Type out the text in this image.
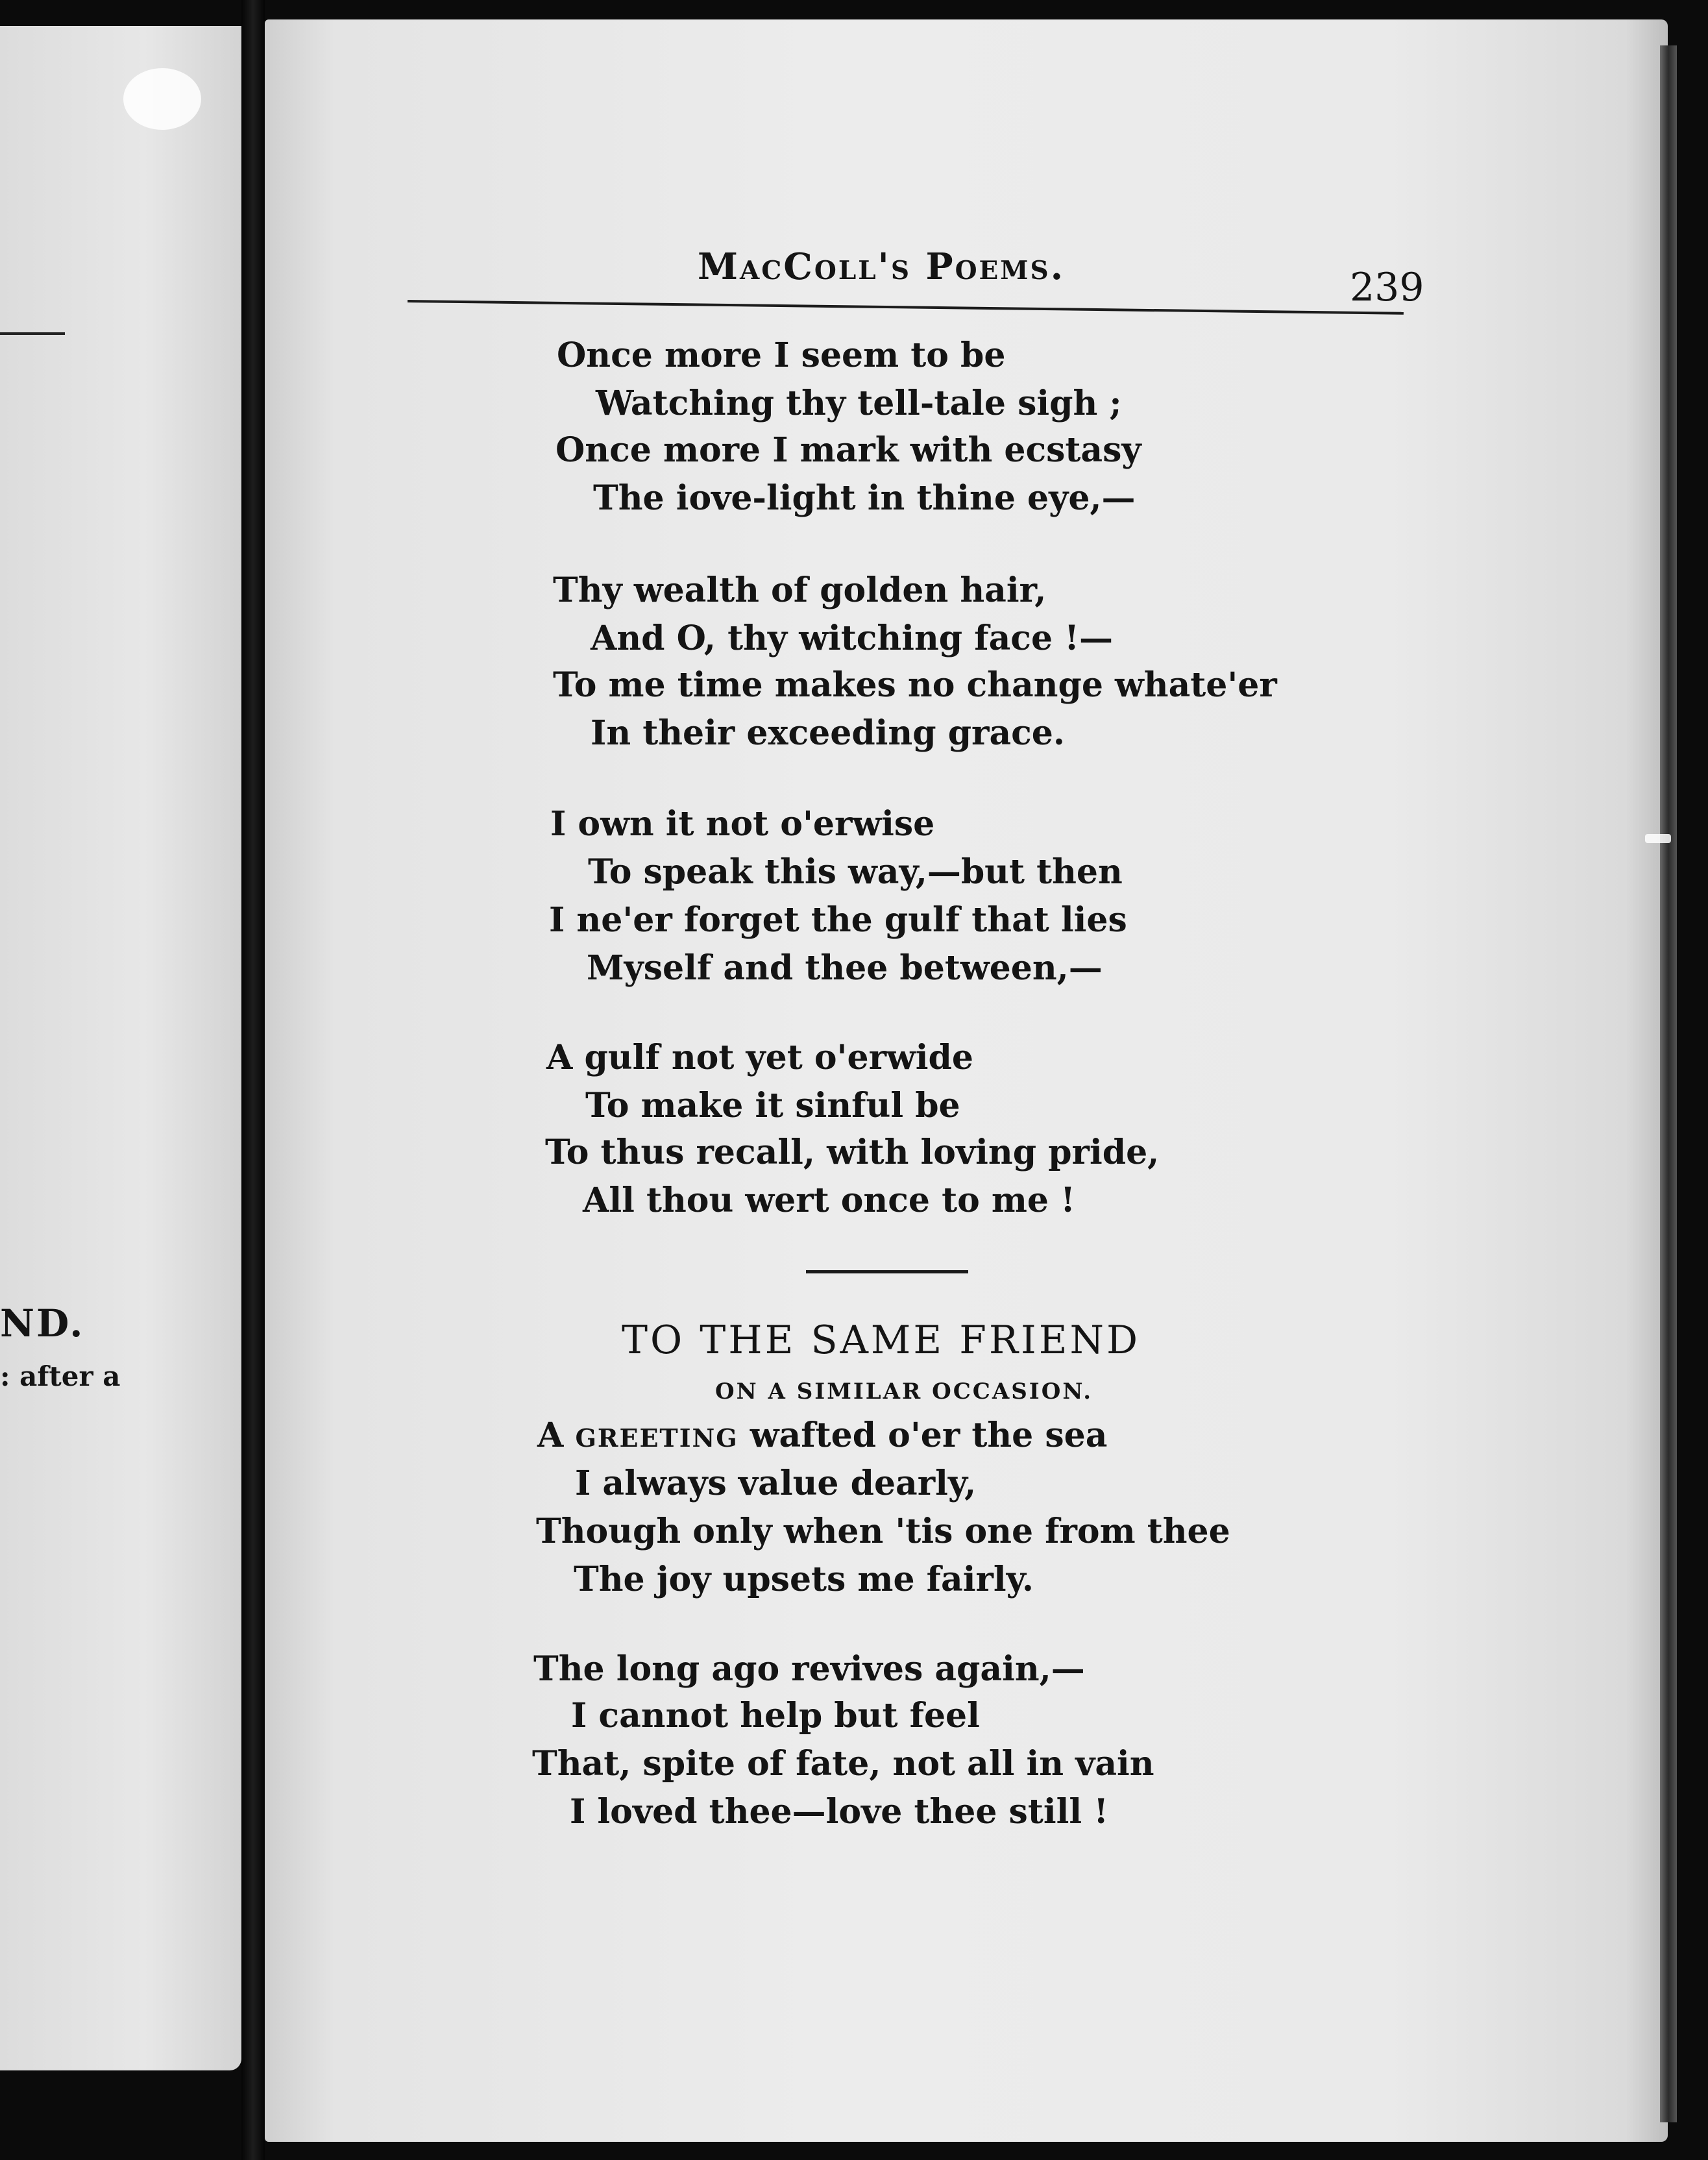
ND.
: after a
MacColl's Poems.	239
Once more I seem to be
Watching thy tell-tale sigh ;
Once more I mark with ecstasy
The iove-light in thine eye,—
Thy wealth of golden hair,
And O, thy witching face !—
To me time makes no change whate'er
In their exceeding grace.
I own it not o'erwise
To speak this way,—but then
I ne'er forget the gulf that lies
Myself and thee between,—
A gulf not yet o'erwide
To make it sinful be
To thus recall, with loving pride,
All thou wert once to me !
TO THE SAME FRIEND
ON A SIMILAR OCCASION.
A GREETING wafted o'er the sea
I always value dearly,
Though only when 'tis one from thee
The joy upsets me fairly.
The long ago revives again,—
I cannot help but feel
That, spite of fate, not all in vain
I loved thee—love thee still !
